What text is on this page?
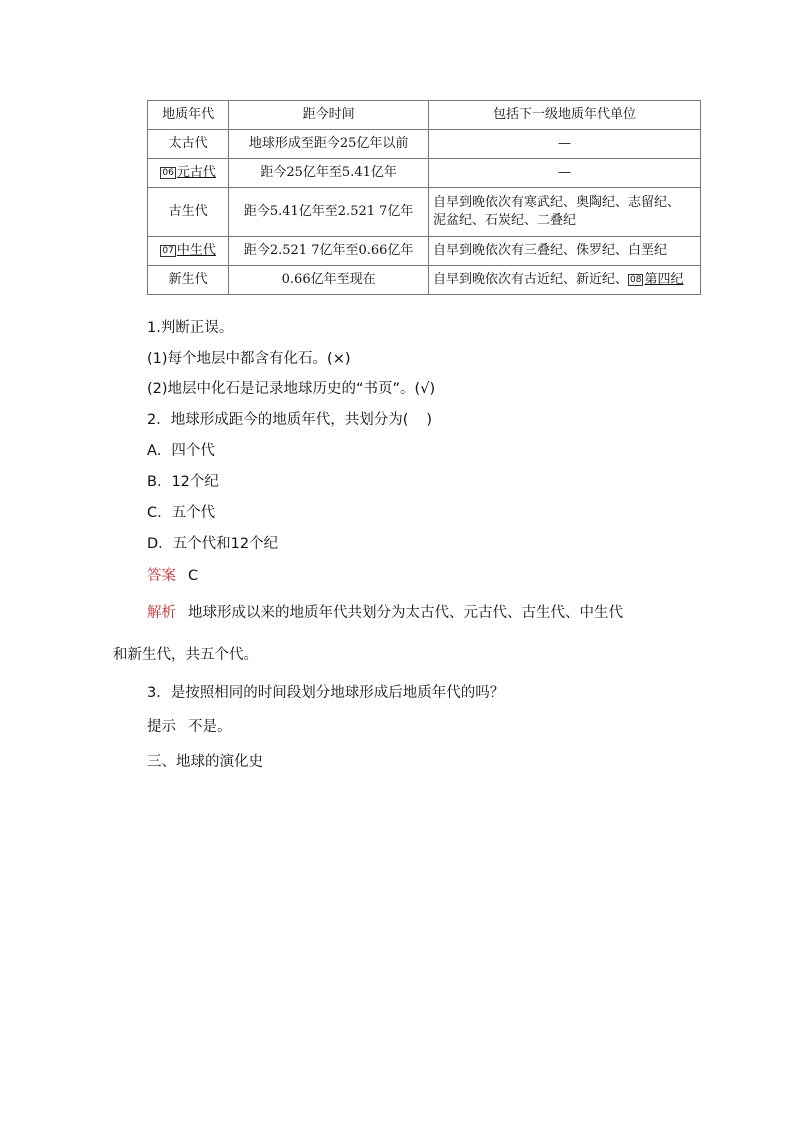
地质年代	距今时间	包括下一级地质年代单位
太古代	地球形成至距今25亿年以前	—
06 元古代	距今25亿年至5.41亿年	—
古生代	距今5.41亿年至2.521 7亿年	自早到晚依次有寒武纪、奥陶纪、志留纪、
泥盆纪、石炭纪、二叠纪
07 中生代	距今2.521 7亿年至0.66亿年	自早到晚依次有三叠纪、侏罗纪、白垩纪
新生代	0.66亿年至现在	自早到晚依次有古近纪、新近纪、 08 第四纪
1.判断正误。
(1)每个地层中都含有化石。(×)
(2)地层中化石是记录地球历史的“书页”。(√)
2．地球形成距今的地质年代，共划分为( )
A．四个代
B．12个纪
C．五个代
D．五个代和12个纪
答案 C
解析 地球形成以来的地质年代共划分为太古代、元古代、古生代、中生代
和新生代，共五个代。
3．是按照相同的时间段划分地球形成后地质年代的吗？
提示 不是。
三、地球的演化史
